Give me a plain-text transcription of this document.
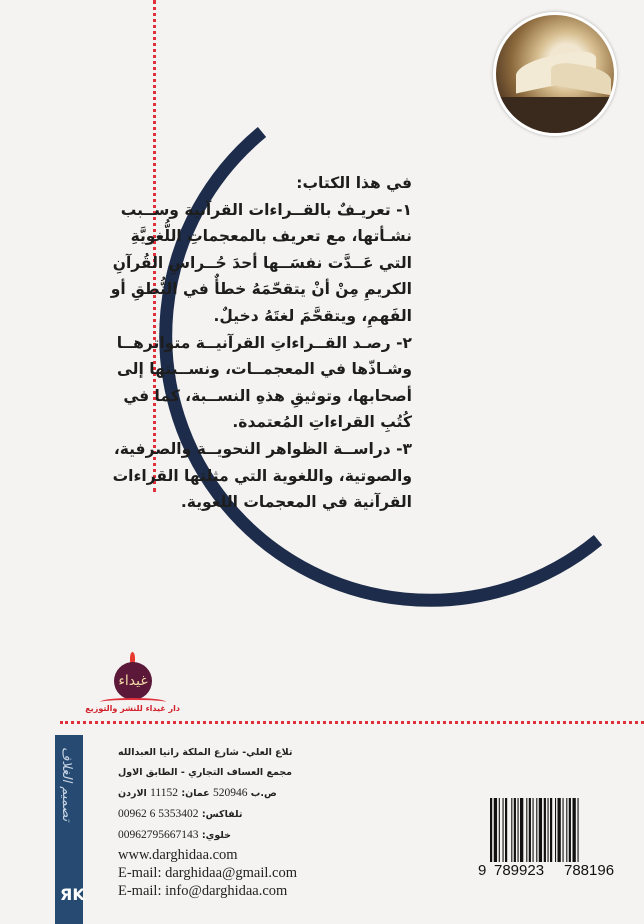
في هذا الكتاب:
١- تعريـفٌ بالقــراءات القرآنية وســبب
نشـأتها، مع تعريف بالمعجماتِ اللُّغويَّةِ
التي عَــدَّت نفسَــها أحدَ حُــراسِ القُرآنِ
الكريمِ مِنْ أنْ يتقحّمَهُ خطأٌ في النُّطقِ أو
الفَهمِ، ويتقحَّمَ لغتَهُ دخيلٌ.
٢- رصـد القــراءاتِ القرآنيــة متواترهــا
وشـاذّها في المعجمــات، ونســبتها إلى
أصحابها، وتوثيقِ هذهِ النســبة، كما في
كُتُبِ القراءاتِ المُعتمدة.
٣- دراســة الظواهر النحويــة والصرفية،
والصوتية، واللغوية التي مثلتها القراءات
القرآنية في المعجمات اللغوية.
غيداء
دار غيداء للنشر والتوزيع
تصميم الغلاف
ЯK
تلاع العلي- شارع الملكة رانيا العبدالله
مجمع العساف التجاري - الطابق الاول
ص.ب 520946 عمان: 11152 الاردن
تلفاكس: 00962 6 5353402
خلوي: 00962795667143
www.darghidaa.com
E-mail: darghidaa@gmail.com
E-mail: info@darghidaa.com
9 789923 788196
